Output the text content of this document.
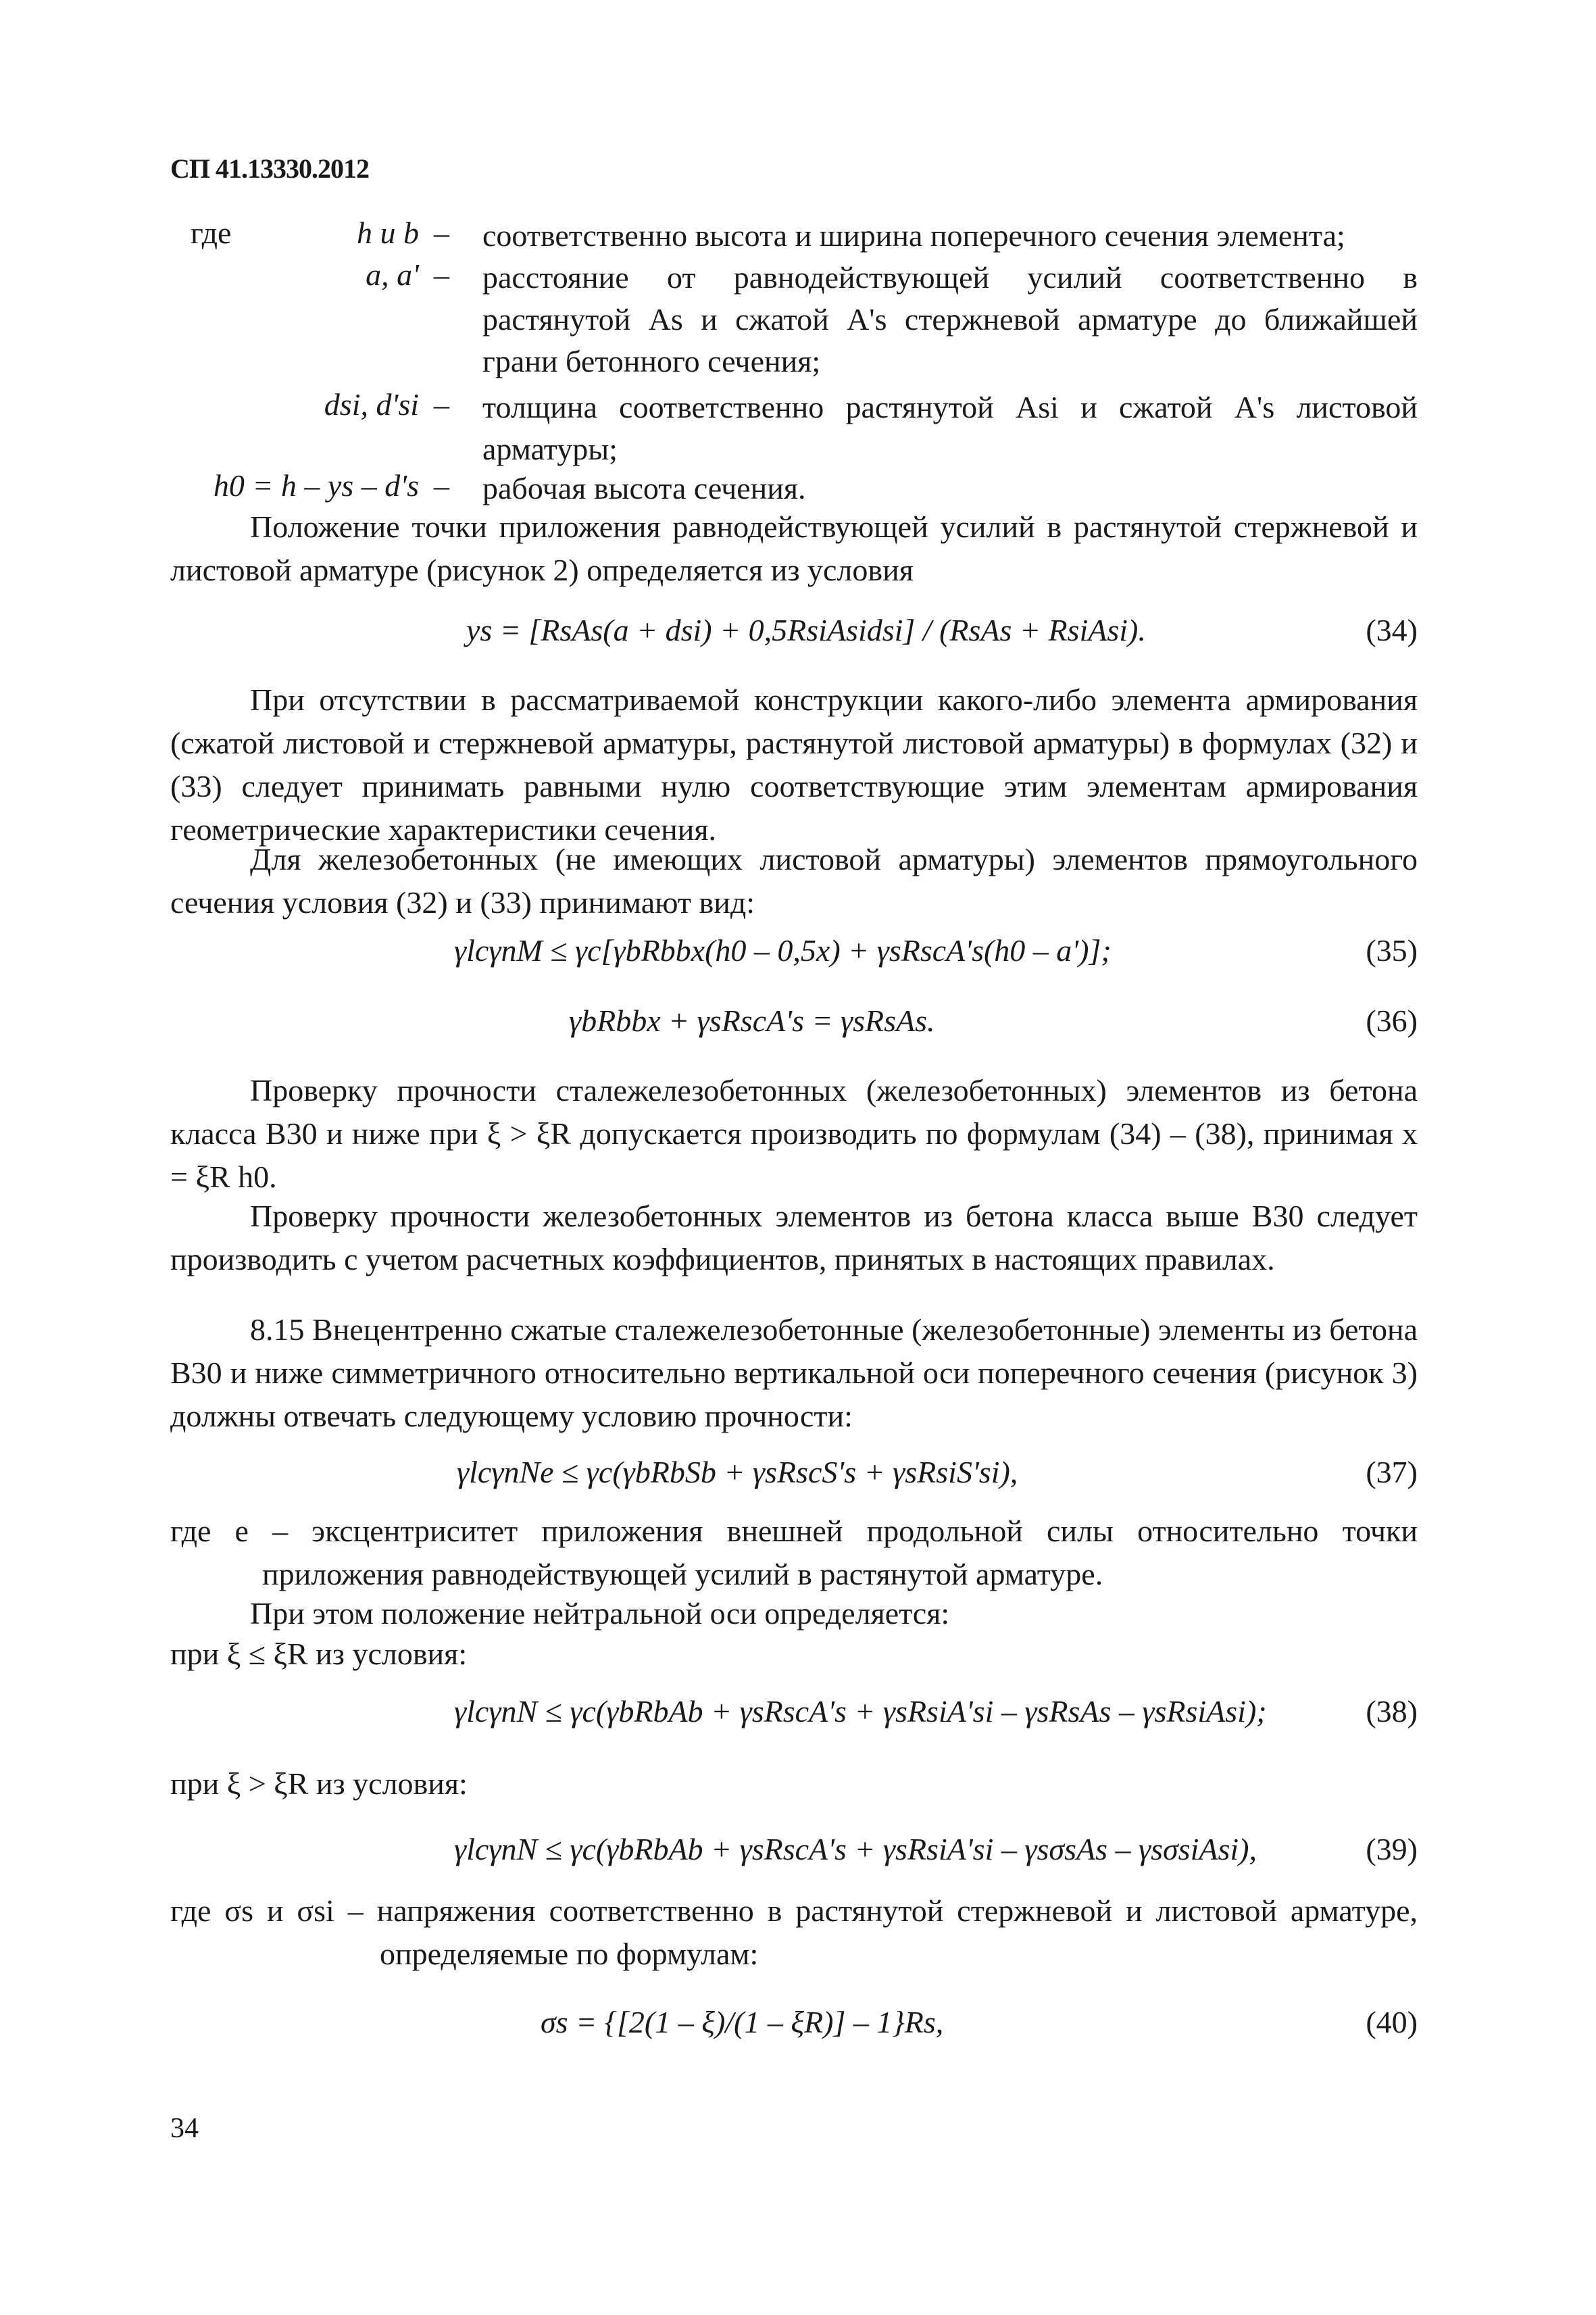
СП 41.13330.2012
где	h и b – соответственно высота и ширина поперечного сечения элемента;
a, a' – расстояние от равнодействующей усилий соответственно в растянутой As и сжатой A's стержневой арматуре до ближайшей грани бетонного сечения;
dsi, d'si – толщина соответственно растянутой Asi и сжатой A's листовой арматуры;
h0 = h – ys – d's – рабочая высота сечения.
Положение точки приложения равнодействующей усилий в растянутой стержневой и листовой арматуре (рисунок 2) определяется из условия
ys = [RsAs(a + dsi) + 0,5RsiAsidsi] / (RsAs + RsiAsi).	(34)
При отсутствии в рассматриваемой конструкции какого-либо элемента армирования (сжатой листовой и стержневой арматуры, растянутой листовой арматуры) в формулах (32) и (33) следует принимать равными нулю соответствующие этим элементам армирования геометрические характеристики сечения.
Для железобетонных (не имеющих листовой арматуры) элементов прямоугольного сечения условия (32) и (33) принимают вид:
γlcγnM ≤ γc[γbRbbx(h0 – 0,5x) + γsRscA's(h0 – a')];	(35)
γbRbbx + γsRscA's = γsRsAs.	(36)
Проверку прочности сталежелезобетонных (железобетонных) элементов из бетона класса В30 и ниже при ξ > ξR допускается производить по формулам (34) – (38), принимая x = ξR h0.
Проверку прочности железобетонных элементов из бетона класса выше В30 следует производить с учетом расчетных коэффициентов, принятых в настоящих правилах.
8.15 Внецентренно сжатые сталежелезобетонные (железобетонные) элементы из бетона В30 и ниже симметричного относительно вертикальной оси поперечного сечения (рисунок 3) должны отвечать следующему условию прочности:
γlcγnNe ≤ γc(γbRbSb + γsRscS's + γsRsiS'si),	(37)
где e – эксцентриситет приложения внешней продольной силы относительно точки приложения равнодействующей усилий в растянутой арматуре.
При этом положение нейтральной оси определяется:
при ξ ≤ ξR из условия:
γlcγnN ≤ γc(γbRbAb + γsRscA's + γsRsiA'si – γsRsAs – γsRsiAsi);	(38)
при ξ > ξR из условия:
γlcγnN ≤ γc(γbRbAb + γsRscA's + γsRsiA'si – γsσsAs – γsσsiAsi),	(39)
где σs и σsi – напряжения соответственно в растянутой стержневой и листовой арматуре, определяемые по формулам:
σs = {[2(1 – ξ)/(1 – ξR)] – 1}Rs,	(40)
34
